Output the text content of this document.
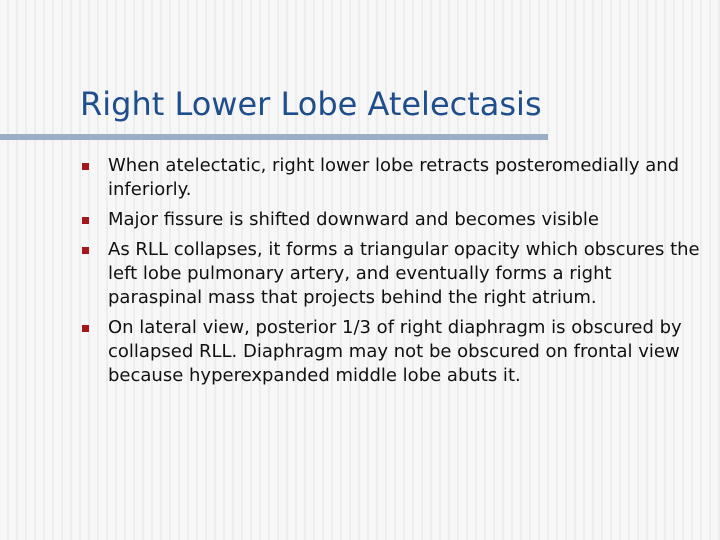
Right Lower Lobe Atelectasis
When atelectatic, right lower lobe retracts posteromedially and inferiorly.
Major fissure is shifted downward and becomes visible
As RLL collapses, it forms a triangular opacity which obscures the left lobe pulmonary artery, and eventually forms a right paraspinal mass that projects behind the right atrium.
On lateral view, posterior 1/3 of right diaphragm is obscured by collapsed RLL. Diaphragm may not be obscured on frontal view because hyperexpanded middle lobe abuts it.
